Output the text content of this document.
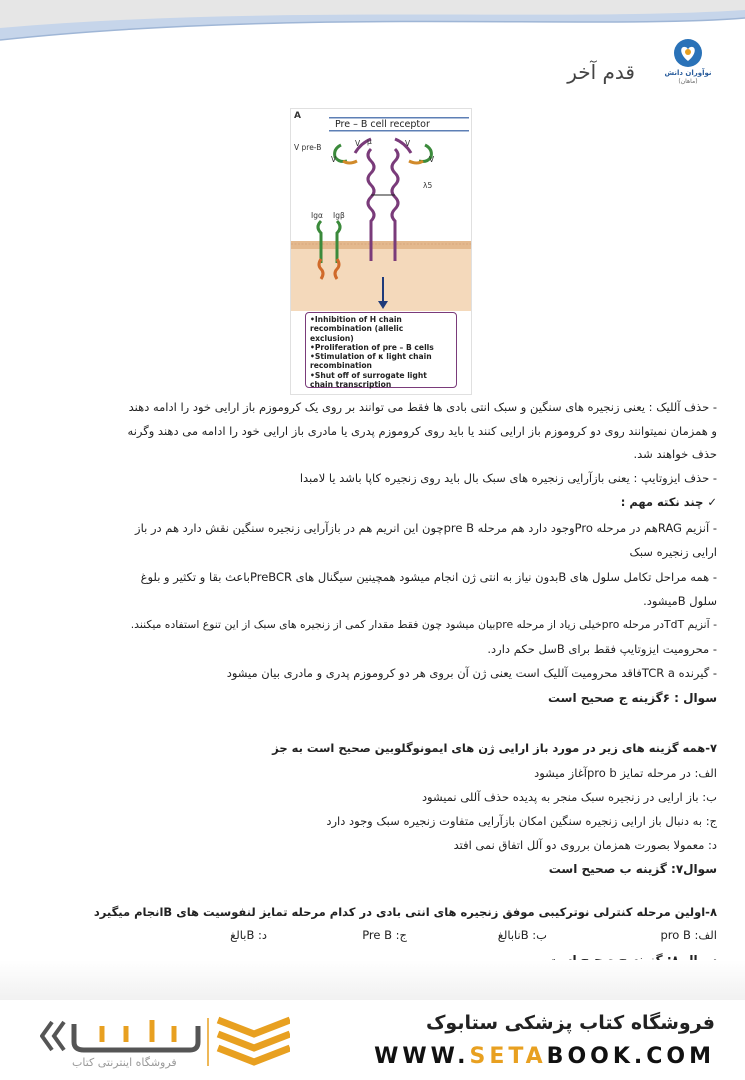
نوآوران دانش
(ماهان)
قدم آخر
A
Pre – B cell receptor
V pre-B
V
V μ	V
V
λ5
Igα Igβ
•Inhibition of H chain
recombination (allelic
exclusion)
•Proliferation of pre – B cells
•Stimulation of κ light chain
recombination
•Shut off of surrogate light
chain transcription
- حذف آللیک : یعنی زنجیره های سنگین و سبک انتی بادی ها فقط می توانند بر روی یک کروموزم باز ارایی خود را ادامه دهند
و همزمان نمیتوانند روی دو کروموزم باز ارایی کنند یا باید روی کروموزم پدری یا مادری باز ارایی خود را ادامه می دهند وگرنه
حذف خواهند شد.
- حذف ایزوتایپ : یعنی بازآرایی زنجیره های سبک بال باید روی زنجیره کاپا باشد یا لامبدا
✓ چند نکته مهم :
- آنزیم RAGهم در مرحله Proوجود دارد هم مرحله pre Bچون این انریم هم در بازآرایی زنجیره سنگین نقش دارد هم در باز
ارایی زنجیره سبک
- همه مراحل تکامل سلول های Bبدون نیاز به انتی ژن انجام میشود همچینین سیگنال های PreBCRباعث بقا و تکثیر و بلوغ
سلول Bمیشود.
- آنزیم TdTدر مرحله proخیلی زیاد از مرحله preبیان میشود چون فقط مقدار کمی از زنجیره های سبک از این تنوع استفاده میکنند.
- محرومیت ایزوتایپ فقط برای Bسل حکم دارد.
- گیرنده TCR aفاقد محرومیت آللیک است یعنی ژن آن بروی هر دو کروموزم پدری و مادری بیان میشود
سوال : ۶گزینه ج صحیح است
۷-همه گزینه های زیر در مورد باز ارایی ژن های ایمونوگلوبین صحیح است به جز
الف: در مرحله تمایز pro bآغاز میشود
ب: باز ارایی در زنجیره سبک منجر به پدیده حذف آللی نمیشود
ج: به دنبال باز ارایی زنجیره سنگین امکان بازآرایی متفاوت زنجیره سبک وجود دارد
د: معمولا بصورت همزمان برروی دو آلل اتفاق نمی افتد
سوال۷: گزینه ب صحیح است
۸-اولین مرحله کنترلی نوترکیبی موفق زنجیره های انتی بادی در کدام مرحله تمایز لنفوسیت های Bانجام میگیرد
الف: pro B
ب: Bنابالغ
ج: Pre B
د: Bبالغ
فروشگاه کتاب پزشکی ستابوک
WWW.SETABOOK.COM
فروشگاه اینترنتی کتاب
